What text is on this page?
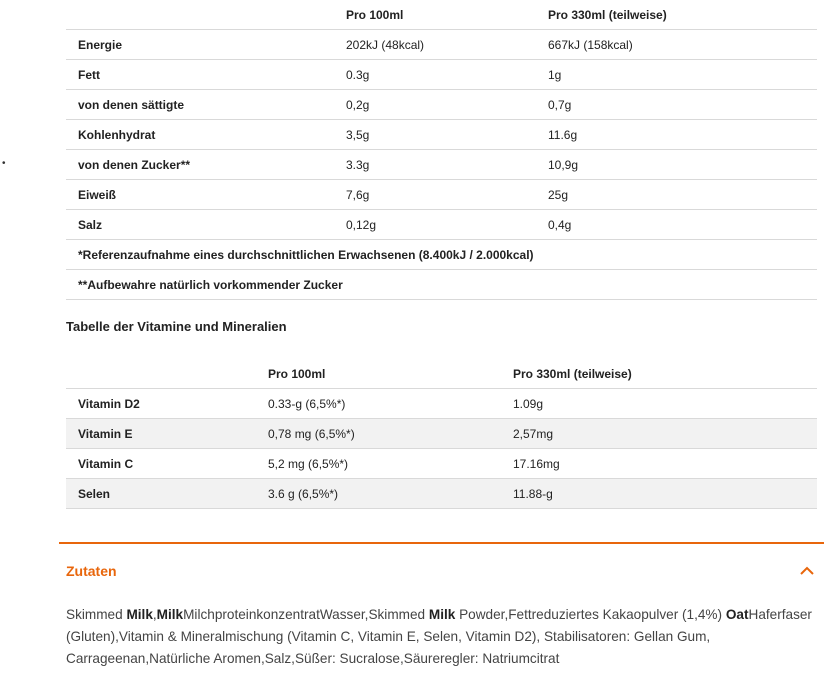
•
	Pro 100ml	Pro 330ml (teilweise)
Energie	202kJ (48kcal)	667kJ (158kcal)
Fett	0.3g	1g
von denen sättigte	0,2g	0,7g
Kohlenhydrat	3,5g	11.6g
von denen Zucker**	3.3g	10,9g
Eiweiß	7,6g	25g
Salz	0,12g	0,4g
*Referenzaufnahme eines durchschnittlichen Erwachsenen (8.400kJ / 2.000kcal)		
**Aufbewahre natürlich vorkommender Zucker		
Tabelle der Vitamine und Mineralien
	Pro 100ml	Pro 330ml (teilweise)
Vitamin D2	0.33-g (6,5%*)	1.09g
Vitamin E	0,78 mg (6,5%*)	2,57mg
Vitamin C	5,2 mg (6,5%*)	17.16mg
Selen	3.6 g (6,5%*)	11.88-g
Zutaten
Skimmed Milk,MilkMilchproteinkonzentratWasser,Skimmed Milk Powder,Fettreduziertes Kakaopulver (1,4%) OatHaferfaser (Gluten),Vitamin & Mineralmischung (Vitamin C, Vitamin E, Selen, Vitamin D2), Stabilisatoren: Gellan Gum, Carrageenan,Natürliche Aromen,Salz,Süßer: Sucralose,Säureregler: Natriumcitrat
